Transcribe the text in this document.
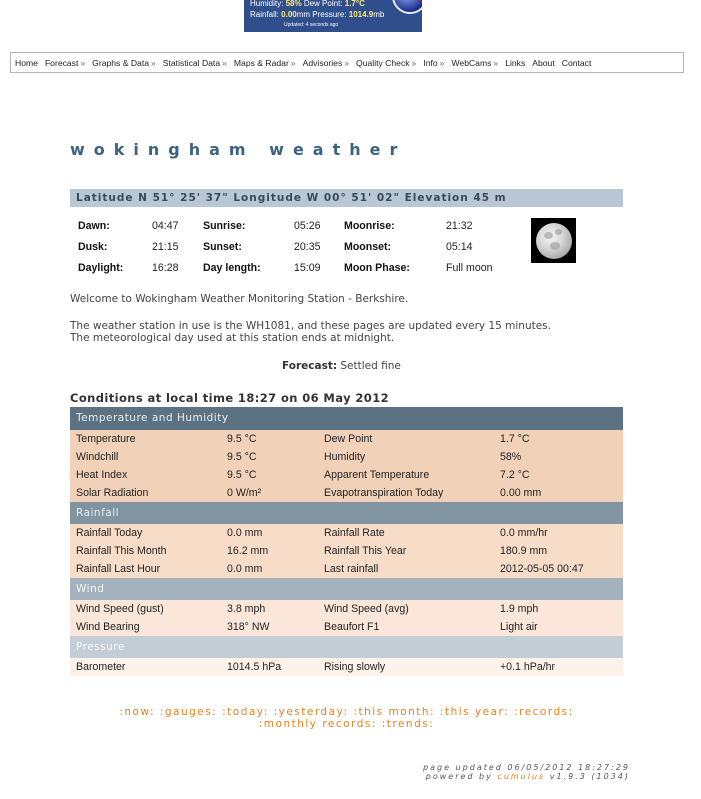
Humidity: 58% Dew Point: 1.7°C
Rainfall: 0.00mm Pressure: 1014.9mb
Updated: 4 seconds ago
Home Forecast » Graphs & Data » Statistical Data » Maps & Radar » Advisories » Quality Check » Info » WebCams » Links About Contact
wokingham weather
Latitude N 51° 25' 37" Longitude W 00° 51' 02" Elevation 45 m
Dawn:	04:47 Sunrise:	05:26 Moonrise:	21:32
Dusk:	21:15 Sunset:	20:35 Moonset:	05:14
Daylight:	16:28 Day length:	15:09 Moon Phase:	Full moon
Welcome to Wokingham Weather Monitoring Station - Berkshire.
The weather station in use is the WH1081, and these pages are updated every 15 minutes.
The meteorological day used at this station ends at midnight.
Forecast: Settled fine
Conditions at local time 18:27 on 06 May 2012
Temperature and Humidity
Temperature	9.5 °C	Dew Point	1.7 °C
Windchill	9.5 °C	Humidity	58%
Heat Index	9.5 °C	Apparent Temperature	7.2 °C
Solar Radiation	0 W/m²	Evapotranspiration Today	0.00 mm
Rainfall
Rainfall Today	0.0 mm	Rainfall Rate	0.0 mm/hr
Rainfall This Month	16.2 mm	Rainfall This Year	180.9 mm
Rainfall Last Hour	0.0 mm	Last rainfall	2012-05-05 00:47
Wind
Wind Speed (gust)	3.8 mph	Wind Speed (avg)	1.9 mph
Wind Bearing	318° NW	Beaufort F1	Light air
Pressure
Barometer	1014.5 hPa	Rising slowly	+0.1 hPa/hr
:now: :gauges: :today: :yesterday: :this month: :this year: :records:
:monthly records: :trends:
page updated 06/05/2012 18:27:29
powered by cumulus v1.9.3 (1034)
